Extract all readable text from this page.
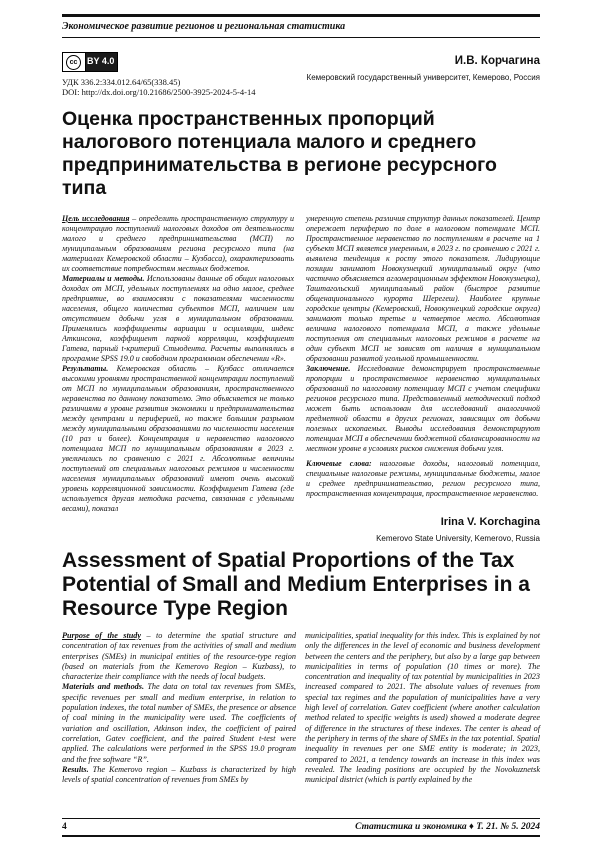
Экономическое развитие регионов и региональная статистика
cc	BY 4.0
УДК 336.2:334.012.64/65(338.45)
DOI: http://dx.doi.org/10.21686/2500-3925-2024-5-4-14
И.В. Корчагина
Кемеровский государственный университет, Кемерово, Россия
Оценка пространственных пропорций налогового потенциала малого и среднего предпринимательства в регионе ресурсного типа

Цель исследования – определить пространственную структуру и концентрацию поступлений налоговых доходов от деятельности малого и среднего предпринимательства (МСП) по муниципальным образованиям региона ресурсного типа (на материалах Кемеровской области – Кузбасса), охарактеризовать их соответствие потребностям местных бюджетов.

Материалы и методы. Использованы данные об общих налоговых доходах от МСП, удельных поступлениях на одно малое, среднее предприятие, во взаимосвязи с показателями численности населения, общего количества субъектов МСП, наличием или отсутствием добычи угля в муниципальном образовании. Применялись коэффициенты вариации и осцилляции, индекс Аткинсона, коэффициент парной корреляции, коэффициент Гатева, парный t-критерий Стьюдента. Расчеты выполнялись в программе SPSS 19.0 и свободном программном обеспечении «R».

Результаты. Кемеровская область – Кузбасс отличается высокими уровнями пространственной концентрации поступлений от МСП по муниципальным образованиям, пространственного неравенства по данному показателю. Это объясняется не только различиями в уровне развития экономики и предпринимательства между центрами и периферией, но также большим разрывом между муниципальными образованиями по численности населения (10 раз и более). Концентрация и неравенство налогового потенциала МСП по муниципальным образованиям в 2023 г. увеличились по сравнению с 2021 г. Абсолютные величины поступлений от специальных налоговых режимов и численности населения муниципальных образований имеют очень высокий уровень корреляционной зависимости. Коэффициент Гатева (где используется другая методика расчета, связанная с удельными весами), показал

умеренную степень различия структур данных показателей. Центр опережает периферию по доле в налоговом потенциале МСП. Пространственное неравенство по поступлениям в расчете на 1 субъект МСП является умеренным, в 2023 г. по сравнению с 2021 г. выявлена тенденция к росту этого показателя. Лидирующие позиции занимают Новокузнецкий муниципальный округ (что частично объясняется агломерационным эффектом Новокузнецка), Таштагольский муниципальный район (быстрое развитие общенационального курорта Шерегеш). Наиболее крупные городские центры (Кемеровский, Новокузнецкий городские округа) занимают только третье и четвертое место. Абсолютная величина налогового потенциала МСП, а также удельные поступления от специальных налоговых режимов в расчете на один субъект МСП не зависят от наличия в муниципальном образовании развитой угольной промышленности.

Заключение. Исследование демонстрирует пространственные пропорции и пространственное неравенство муниципальных образований по налоговому потенциалу МСП с учетом специфики регионов ресурсного типа. Представленный методический подход может быть использован для исследований аналогичной предметной области в других регионах, зависящих от добычи полезных ископаемых. Выводы исследования демонстрируют потенциал МСП в обеспечении бюджетной сбалансированности на местном уровне в условиях рисков снижения добычи угля.

Ключевые слова: налоговые доходы, налоговый потенциал, специальные налоговые режимы, муниципальные бюджеты, малое и среднее предпринимательство, регион ресурсного типа, пространственная концентрация, пространственное неравенство.

Irina V. Korchagina
Kemerovo State University, Kemerovo, Russia
Assessment of Spatial Proportions of the Tax Potential of Small and Medium Enterprises in a Resource Type Region

Purpose of the study – to determine the spatial structure and concentration of tax revenues from the activities of small and medium enterprises (SMEs) in municipal entities of the resource-type region (based on materials from the Kemerovo Region – Kuzbass), to characterize their compliance with the needs of local budgets.

Materials and methods. The data on total tax revenues from SMEs, specific revenues per small and medium enterprise, in relation to population indexes, the total number of SMEs, the presence or absence of coal mining in the municipality were used. The coefficients of variation and oscillation, Atkinson index, the coefficient of paired correlation, Gatev coefficient, and the paired Student t-test were applied. The calculations were performed in the SPSS 19.0 program and the free software “R”.

Results. The Kemerovo region – Kuzbass is characterized by high levels of spatial concentration of revenues from SMEs by

municipalities, spatial inequality for this index. This is explained by not only the differences in the level of economic and business development between the centers and the periphery, but also by a large gap between municipalities in terms of population (10 times or more). The concentration and inequality of tax potential by municipalities in 2023 increased compared to 2021. The absolute values of revenues from special tax regimes and the population of municipalities have a very high level of correlation. Gatev coefficient (where another calculation method related to specific weights is used) showed a moderate degree of difference in the structures of these indexes. The center is ahead of the periphery in terms of the share of SMEs in the tax potential. Spatial inequality in revenues per one SME entity is moderate; in 2023, compared to 2021, a tendency towards an increase in this index was revealed. The leading positions are occupied by the Novokuznetsk municipal district (which is partly explained by the

4	Статистика и экономика ♦ Т. 21. № 5. 2024
